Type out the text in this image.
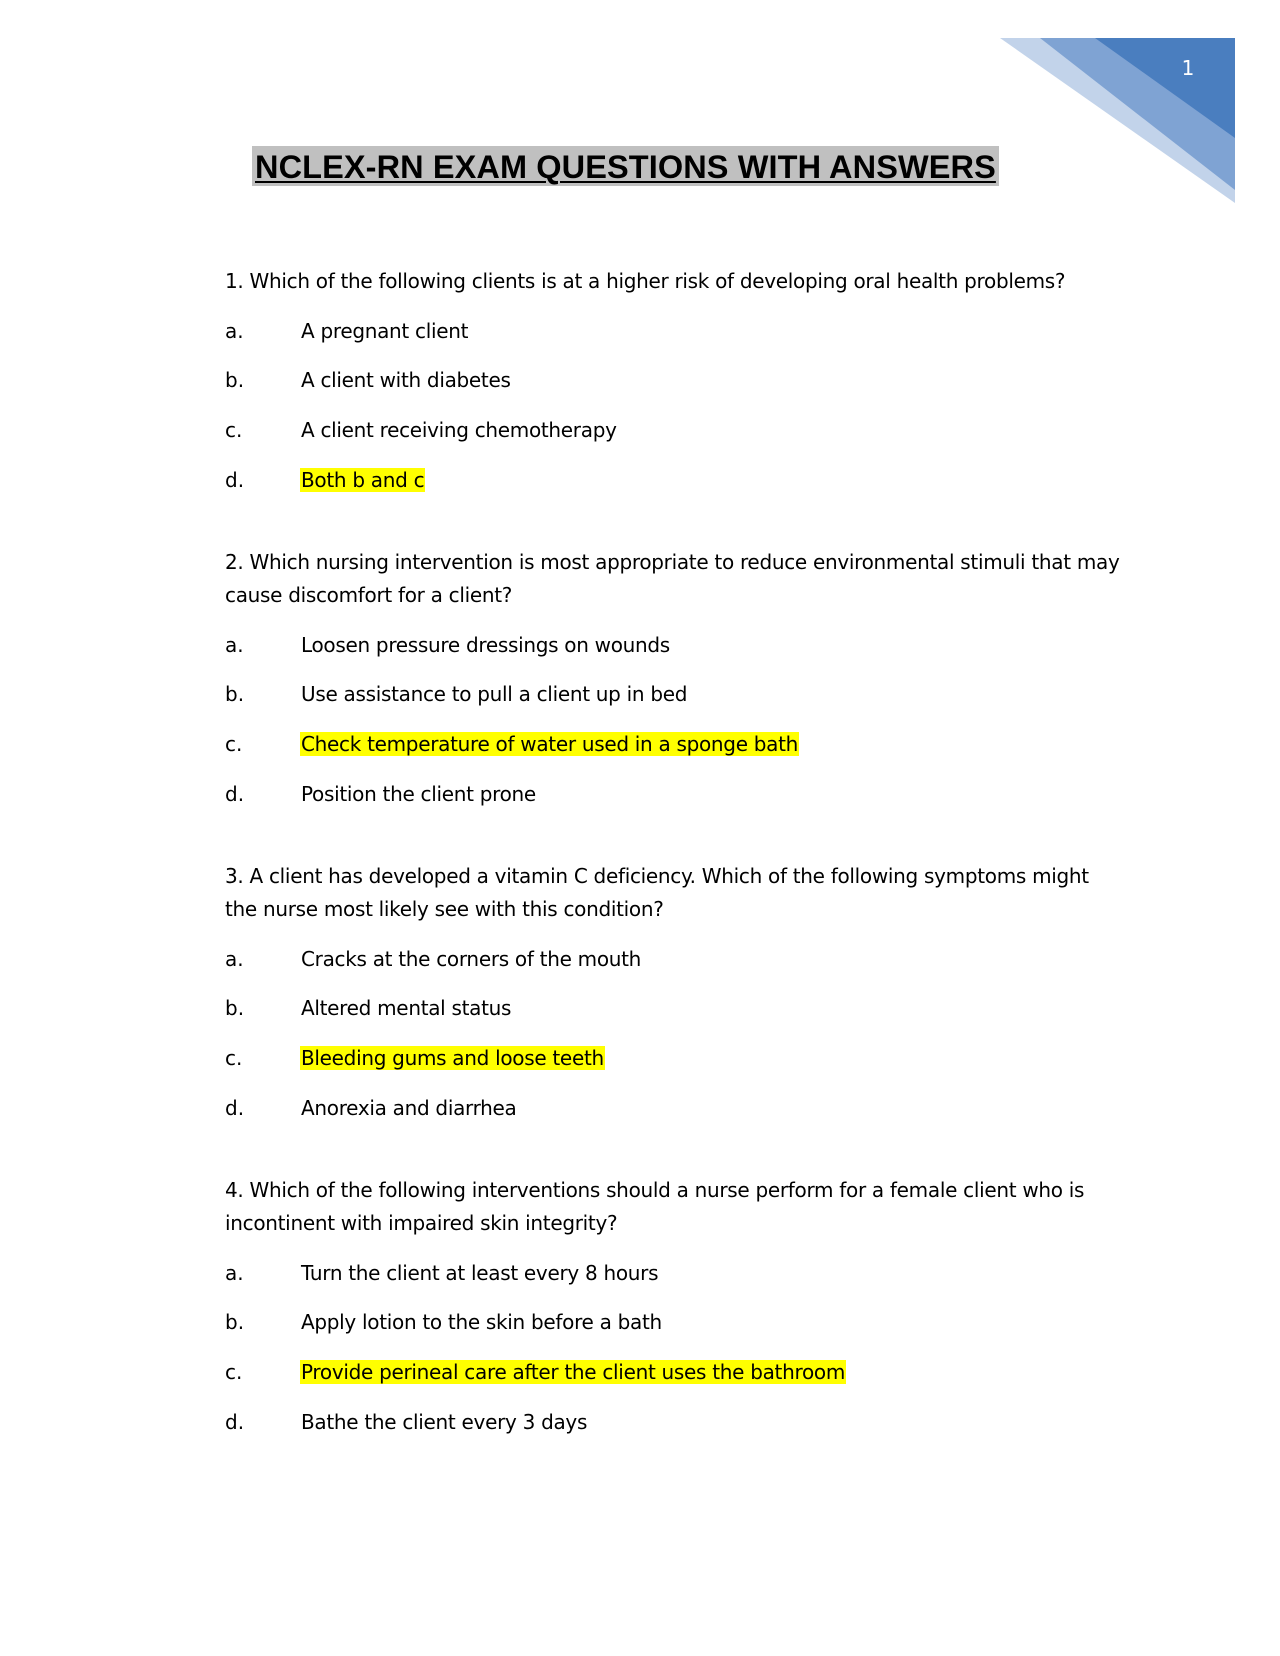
1
NCLEX-RN EXAM QUESTIONS WITH ANSWERS

1. Which of the following clients is at a higher risk of developing oral health problems?

a.	A pregnant client
b.	A client with diabetes
c.	A client receiving chemotherapy
d.	Both b and c

2. Which nursing intervention is most appropriate to reduce environmental stimuli that may cause discomfort for a client?

a.	Loosen pressure dressings on wounds
b.	Use assistance to pull a client up in bed
c.	Check temperature of water used in a sponge bath
d.	Position the client prone

3. A client has developed a vitamin C deficiency. Which of the following symptoms might the nurse most likely see with this condition?

a.	Cracks at the corners of the mouth
b.	Altered mental status
c.	Bleeding gums and loose teeth
d.	Anorexia and diarrhea

4. Which of the following interventions should a nurse perform for a female client who is incontinent with impaired skin integrity?

a.	Turn the client at least every 8 hours
b.	Apply lotion to the skin before a bath
c.	Provide perineal care after the client uses the bathroom
d.	Bathe the client every 3 days
